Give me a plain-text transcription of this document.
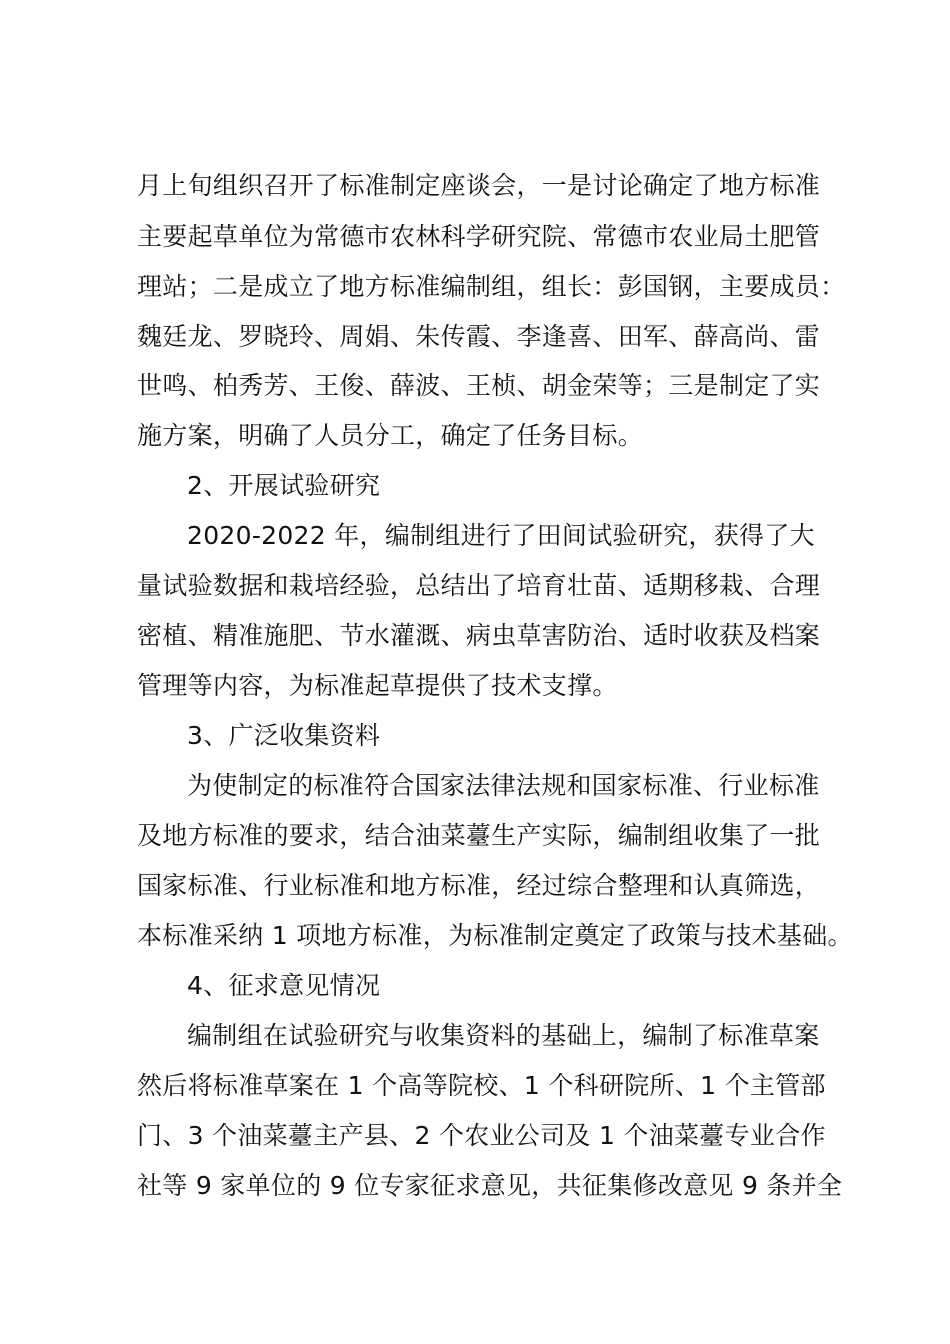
月上旬组织召开了标准制定座谈会，一是讨论确定了地方标准
主要起草单位为常德市农林科学研究院、常德市农业局土肥管
理站；二是成立了地方标准编制组，组长：彭国钢，主要成员：
魏廷龙、罗晓玲、周娟、朱传霞、李逢喜、田军、薛高尚、雷
世鸣、柏秀芳、王俊、薛波、王桢、胡金荣等；三是制定了实
施方案，明确了人员分工，确定了任务目标。
2、开展试验研究
2020-2022 年，编制组进行了田间试验研究，获得了大
量试验数据和栽培经验，总结出了培育壮苗、适期移栽、合理
密植、精准施肥、节水灌溉、病虫草害防治、适时收获及档案
管理等内容，为标准起草提供了技术支撑。
3、广泛收集资料
为使制定的标准符合国家法律法规和国家标准、行业标准
及地方标准的要求，结合油菜薹生产实际，编制组收集了一批
国家标准、行业标准和地方标准，经过综合整理和认真筛选，
本标准采纳 1 项地方标准，为标准制定奠定了政策与技术基础。
4、征求意见情况
编制组在试验研究与收集资料的基础上，编制了标准草案
然后将标准草案在 1 个高等院校、1 个科研院所、1 个主管部
门、3 个油菜薹主产县、2 个农业公司及 1 个油菜薹专业合作
社等 9 家单位的 9 位专家征求意见，共征集修改意见 9 条并全
